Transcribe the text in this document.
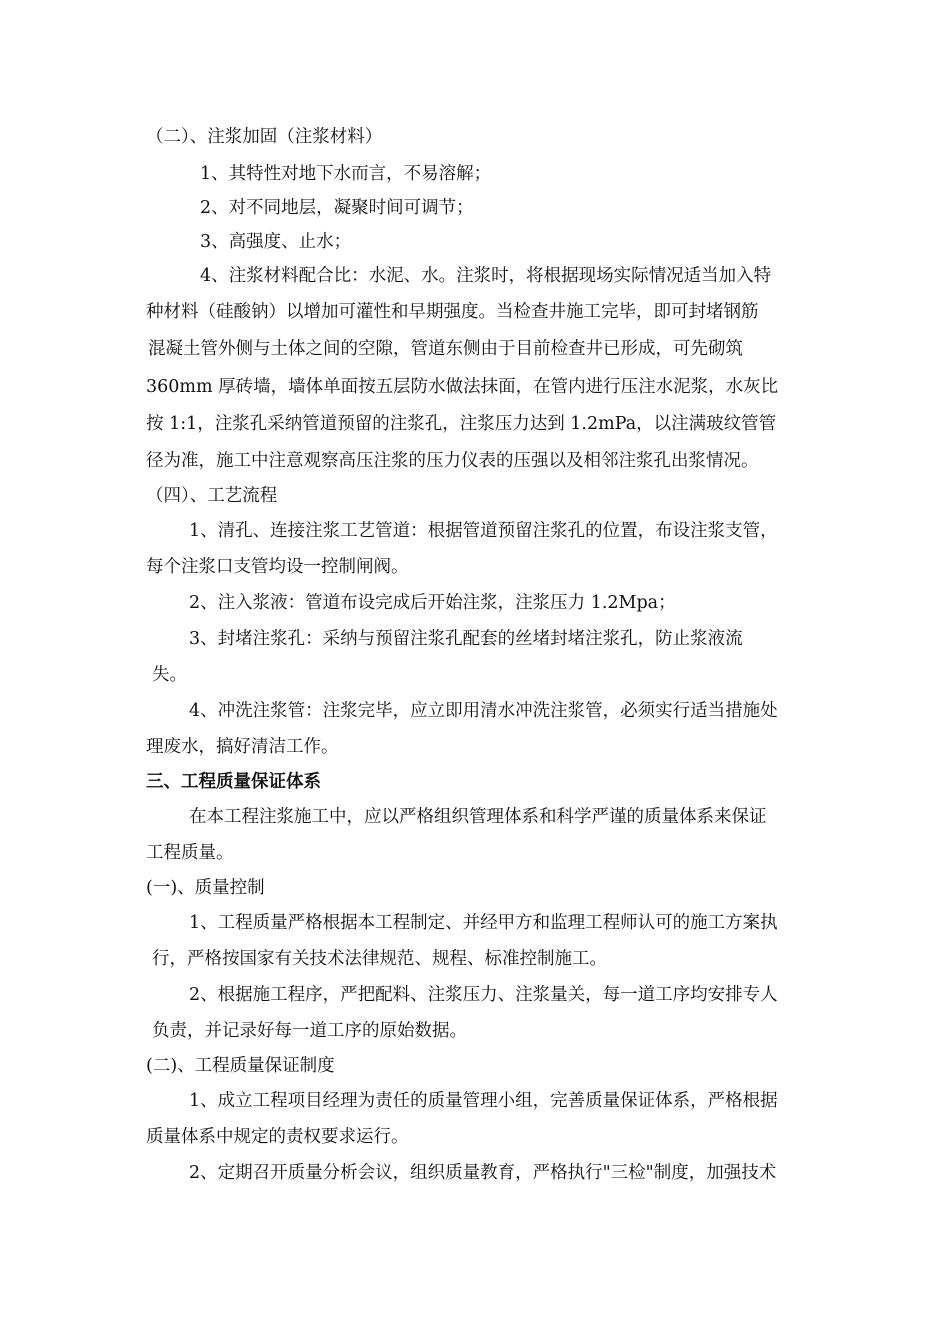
（二）、注浆加固（注浆材料）
1、其特性对地下水而言，不易溶解；
2、对不同地层，凝聚时间可调节；
3、高强度、止水；
4、注浆材料配合比：水泥、水。注浆时，将根据现场实际情况适当加入特
种材料（硅酸钠）以增加可灌性和早期强度。当检查井施工完毕，即可封堵钢筋
混凝土管外侧与土体之间的空隙，管道东侧由于目前检查井已形成，可先砌筑
360mm 厚砖墙，墙体单面按五层防水做法抹面，在管内进行压注水泥浆，水灰比
按 1:1，注浆孔采纳管道预留的注浆孔，注浆压力达到 1.2mPa，以注满玻纹管管
径为准，施工中注意观察高压注浆的压力仪表的压强以及相邻注浆孔出浆情况。
（四）、工艺流程
1、清孔、连接注浆工艺管道：根据管道预留注浆孔的位置，布设注浆支管，
每个注浆口支管均设一控制闸阀。
2、注入浆液：管道布设完成后开始注浆，注浆压力 1.2Mpa；
3、封堵注浆孔：采纳与预留注浆孔配套的丝堵封堵注浆孔，防止浆液流
失。
4、冲洗注浆管：注浆完毕，应立即用清水冲洗注浆管，必须实行适当措施处
理废水，搞好清洁工作。
三、工程质量保证体系
在本工程注浆施工中，应以严格组织管理体系和科学严谨的质量体系来保证
工程质量。
(一)、质量控制
1、工程质量严格根据本工程制定、并经甲方和监理工程师认可的施工方案执
行，严格按国家有关技术法律规范、规程、标准控制施工。
2、根据施工程序，严把配料、注浆压力、注浆量关，每一道工序均安排专人
负责，并记录好每一道工序的原始数据。
(二)、工程质量保证制度
1、成立工程项目经理为责任的质量管理小组，完善质量保证体系，严格根据
质量体系中规定的责权要求运行。
2、定期召开质量分析会议，组织质量教育，严格执行"三检"制度，加强技术
